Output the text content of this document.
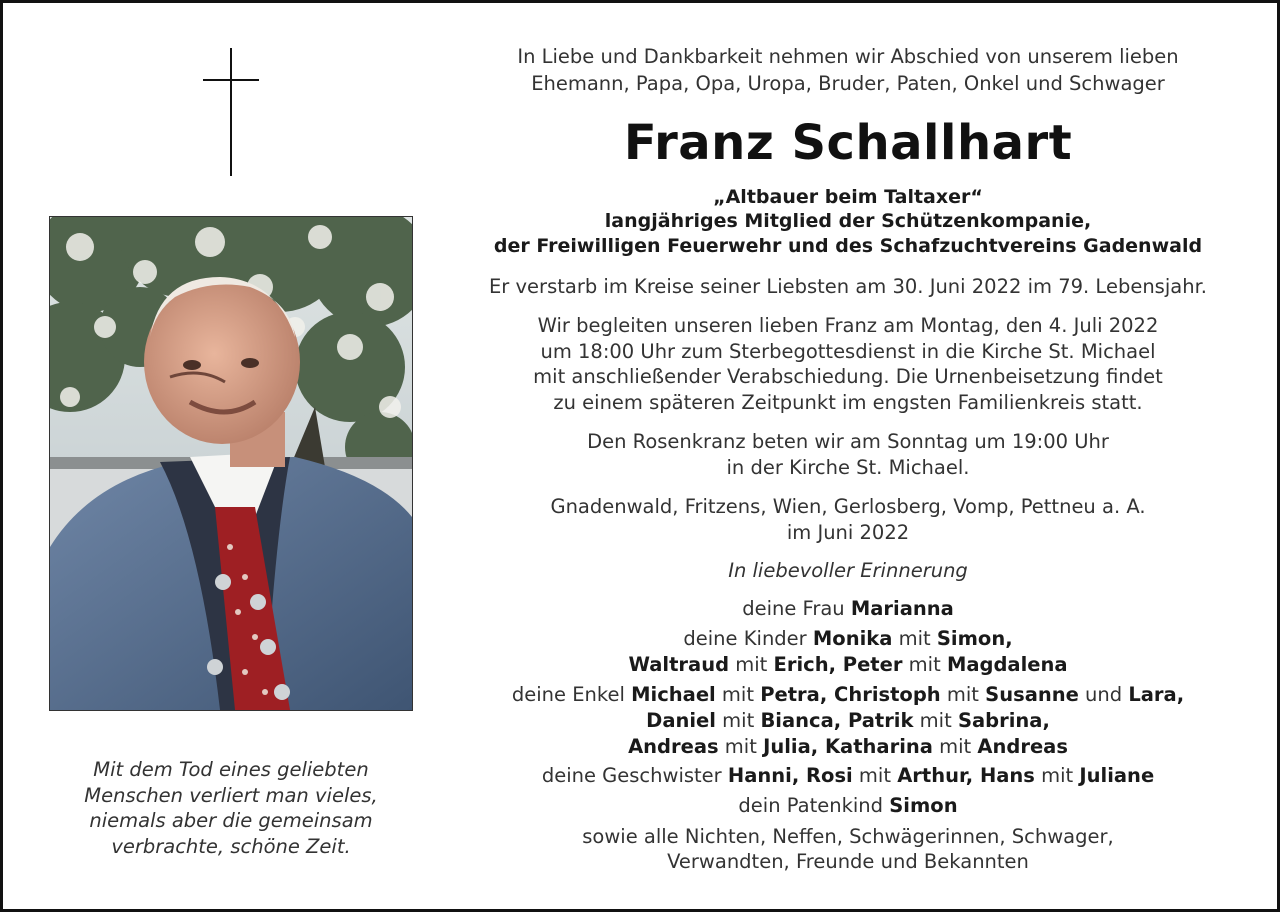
Mit dem Tod eines geliebten
Menschen verliert man vieles,
niemals aber die gemeinsam
verbrachte, schöne Zeit.
In Liebe und Dankbarkeit nehmen wir Abschied von unserem lieben
Ehemann, Papa, Opa, Uropa, Bruder, Paten, Onkel und Schwager
Franz Schallhart
„Altbauer beim Taltaxer“
langjähriges Mitglied der Schützenkompanie,
der Freiwilligen Feuerwehr und des Schafzuchtvereins Gadenwald
Er verstarb im Kreise seiner Liebsten am 30. Juni 2022 im 79. Lebensjahr.
Wir begleiten unseren lieben Franz am Montag, den 4. Juli 2022
um 18:00 Uhr zum Sterbegottesdienst in die Kirche St. Michael
mit anschließender Verabschiedung. Die Urnenbeisetzung findet
zu einem späteren Zeitpunkt im engsten Familienkreis statt.
Den Rosenkranz beten wir am Sonntag um 19:00 Uhr
in der Kirche St. Michael.
Gnadenwald, Fritzens, Wien, Gerlosberg, Vomp, Pettneu a. A.
im Juni 2022
In liebevoller Erinnerung
deine Frau Marianna
deine Kinder Monika mit Simon,
Waltraud mit Erich, Peter mit Magdalena
deine Enkel Michael mit Petra, Christoph mit Susanne und Lara,
Daniel mit Bianca, Patrik mit Sabrina,
Andreas mit Julia, Katharina mit Andreas
deine Geschwister Hanni, Rosi mit Arthur, Hans mit Juliane
dein Patenkind Simon
sowie alle Nichten, Neffen, Schwägerinnen, Schwager,
Verwandten, Freunde und Bekannten
